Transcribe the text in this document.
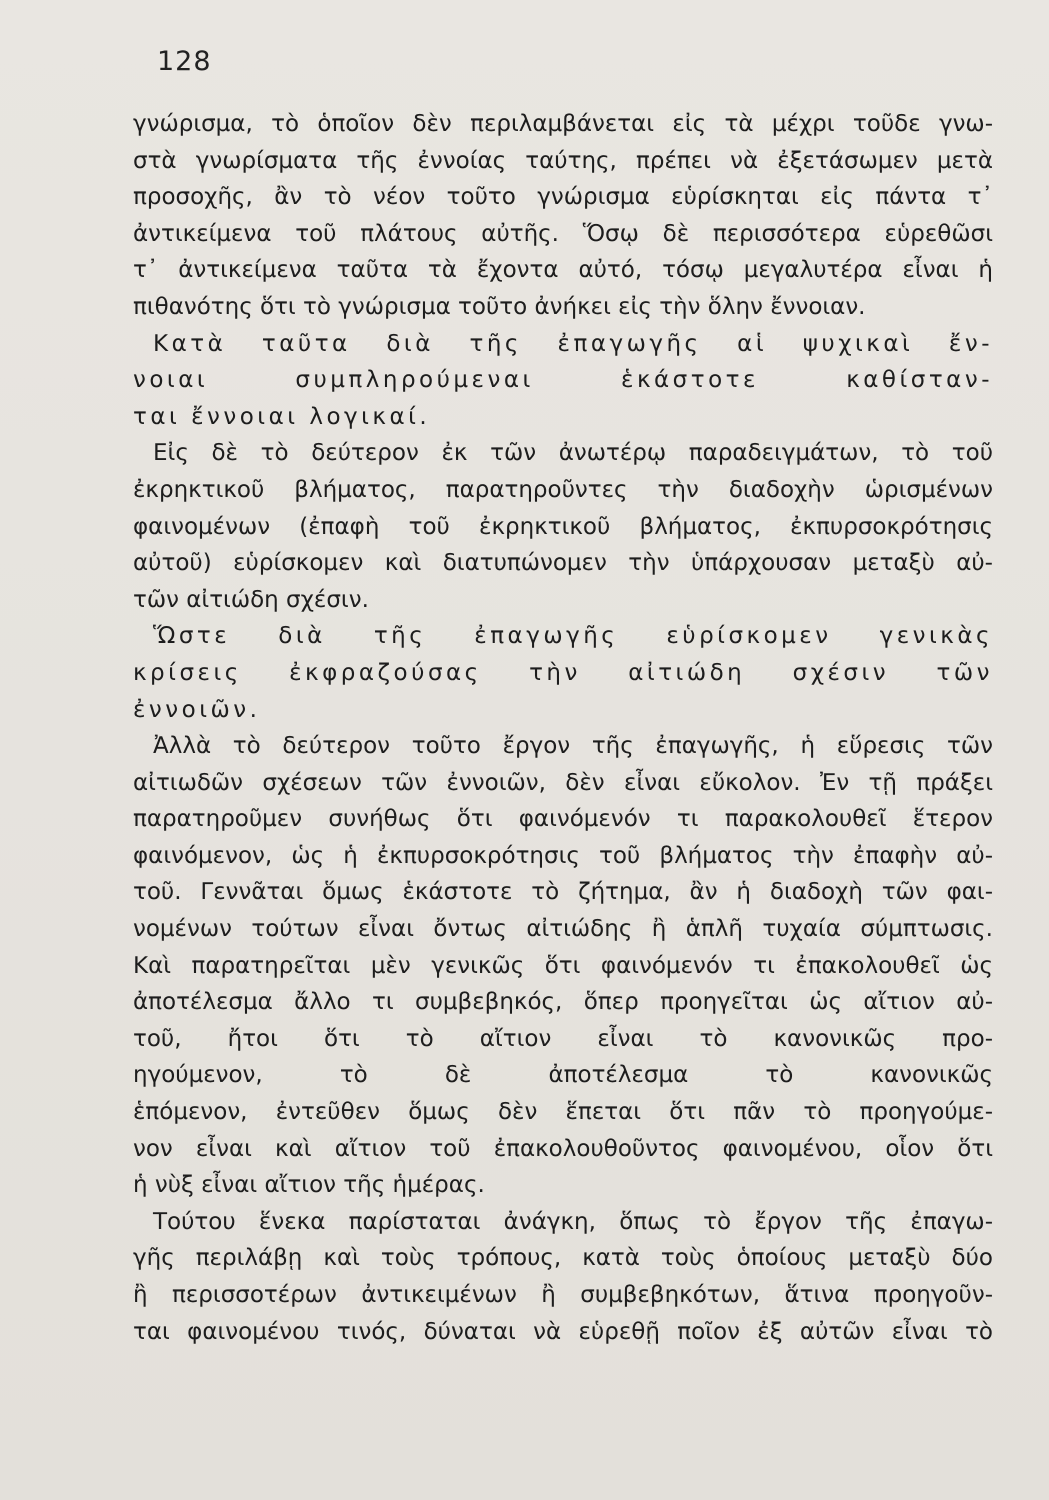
128
γνώρισμα, τὸ ὁποῖον δὲν περιλαμβάνεται εἰς τὰ μέχρι τοῦδε γνω-
στὰ γνωρίσματα τῆς ἐννοίας ταύτης, πρέπει νὰ ἐξετάσωμεν μετὰ
προσοχῆς, ἂν τὸ νέον τοῦτο γνώρισμα εὑρίσκηται εἰς πάντα τ᾽
ἀντικείμενα τοῦ πλάτους αὐτῆς. Ὅσῳ δὲ περισσότερα εὑρεθῶσι
τ᾽ ἀντικείμενα ταῦτα τὰ ἔχοντα αὐτό, τόσῳ μεγαλυτέρα εἶναι ἡ
πιθανότης ὅτι τὸ γνώρισμα τοῦτο ἀνήκει εἰς τὴν ὅλην ἔννοιαν.
Κατὰ ταῦτα διὰ τῆς ἐπαγωγῆς αἱ ψυχικαὶ ἔν-
νοιαι συμπληρούμεναι ἑκάστοτε καθίσταν-
ται ἔννοιαι λογικαί.
Εἰς δὲ τὸ δεύτερον ἐκ τῶν ἀνωτέρῳ παραδειγμάτων, τὸ τοῦ
ἐκρηκτικοῦ βλήματος, παρατηροῦντες τὴν διαδοχὴν ὡρισμένων
φαινομένων (ἐπαφὴ τοῦ ἐκρηκτικοῦ βλήματος, ἐκπυρσοκρότησις
αὐτοῦ) εὑρίσκομεν καὶ διατυπώνομεν τὴν ὑπάρχουσαν μεταξὺ αὐ-
τῶν αἰτιώδη σχέσιν.
Ὥστε διὰ τῆς ἐπαγωγῆς εὑρίσκομεν γενικὰς
κρίσεις ἐκφραζούσας τὴν αἰτιώδη σχέσιν τῶν
ἐννοιῶν.
Ἀλλὰ τὸ δεύτερον τοῦτο ἔργον τῆς ἐπαγωγῆς, ἡ εὕρεσις τῶν
αἰτιωδῶν σχέσεων τῶν ἐννοιῶν, δὲν εἶναι εὔκολον. Ἐν τῇ πράξει
παρατηροῦμεν συνήθως ὅτι φαινόμενόν τι παρακολουθεῖ ἕτερον
φαινόμενον, ὡς ἡ ἐκπυρσοκρότησις τοῦ βλήματος τὴν ἐπαφὴν αὐ-
τοῦ. Γεννᾶται ὅμως ἑκάστοτε τὸ ζήτημα, ἂν ἡ διαδοχὴ τῶν φαι-
νομένων τούτων εἶναι ὄντως αἰτιώδης ἢ ἁπλῆ τυχαία σύμπτωσις.
Καὶ παρατηρεῖται μὲν γενικῶς ὅτι φαινόμενόν τι ἐπακολουθεῖ ὡς
ἀποτέλεσμα ἄλλο τι συμβεβηκός, ὅπερ προηγεῖται ὡς αἴτιον αὐ-
τοῦ, ἤτοι ὅτι τὸ αἴτιον εἶναι τὸ κανονικῶς προ-
ηγούμενον, τὸ δὲ ἀποτέλεσμα τὸ κανονικῶς
ἑπόμενον, ἐντεῦθεν ὅμως δὲν ἕπεται ὅτι πᾶν τὸ προηγούμε-
νον εἶναι καὶ αἴτιον τοῦ ἐπακολουθοῦντος φαινομένου, οἷον ὅτι
ἡ νὺξ εἶναι αἴτιον τῆς ἡμέρας.
Τούτου ἕνεκα παρίσταται ἀνάγκη, ὅπως τὸ ἔργον τῆς ἐπαγω-
γῆς περιλάβῃ καὶ τοὺς τρόπους, κατὰ τοὺς ὁποίους μεταξὺ δύο
ἢ περισσοτέρων ἀντικειμένων ἢ συμβεβηκότων, ἅτινα προηγοῦν-
ται φαινομένου τινός, δύναται νὰ εὑρεθῇ ποῖον ἐξ αὐτῶν εἶναι τὸ
